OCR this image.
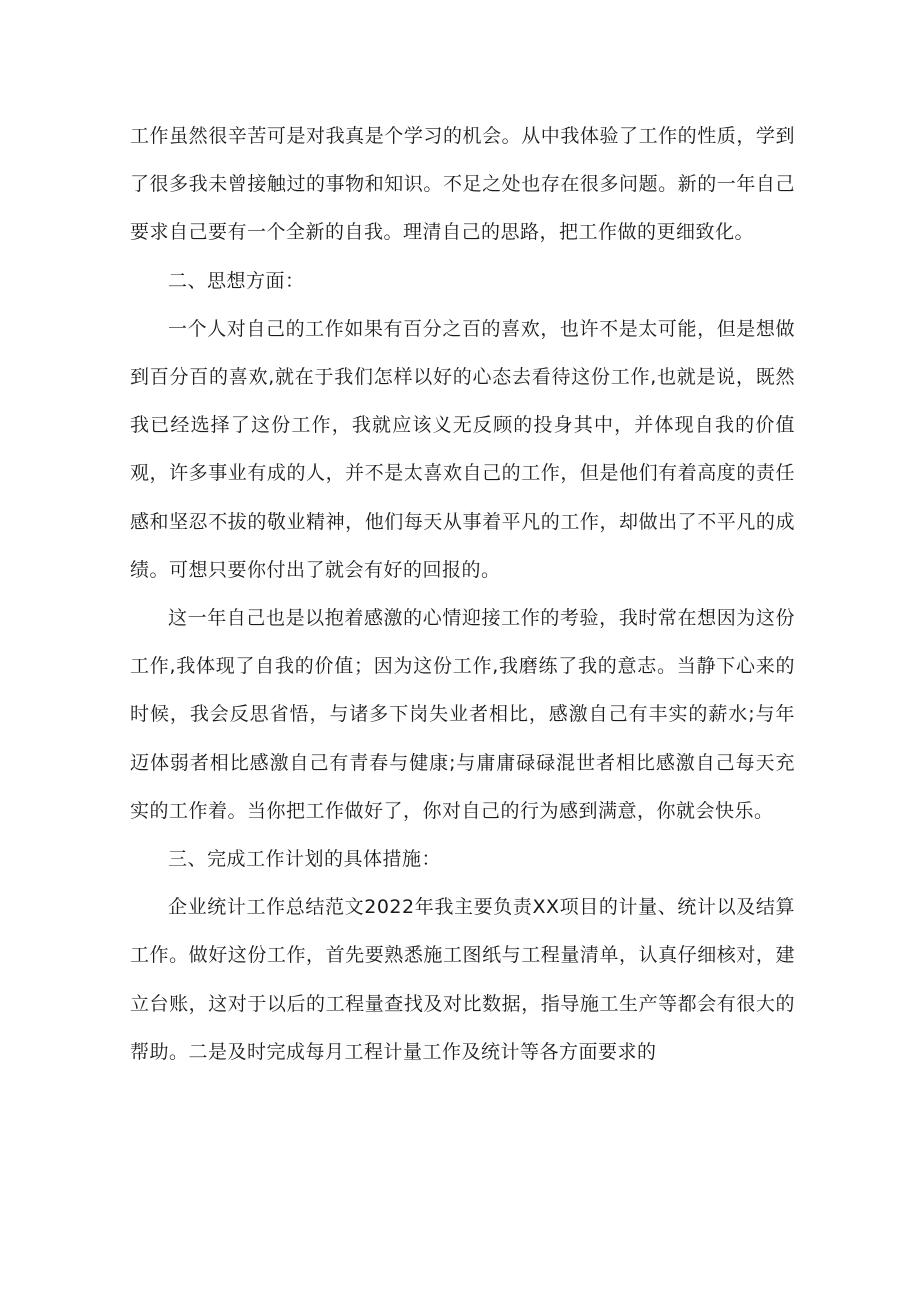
工作虽然很辛苦可是对我真是个学习的机会。从中我体验了工作的性质，学到了很多我未曾接触过的事物和知识。不足之处也存在很多问题。新的一年自己要求自己要有一个全新的自我。理清自己的思路，把工作做的更细致化。

二、思想方面：

一个人对自己的工作如果有百分之百的喜欢，也许不是太可能，但是想做到百分百的喜欢,就在于我们怎样以好的心态去看待这份工作,也就是说，既然我已经选择了这份工作，我就应该义无反顾的投身其中，并体现自我的价值观，许多事业有成的人，并不是太喜欢自己的工作，但是他们有着高度的责任感和坚忍不拔的敬业精神，他们每天从事着平凡的工作，却做出了不平凡的成绩。可想只要你付出了就会有好的回报的。

这一年自己也是以抱着感激的心情迎接工作的考验，我时常在想因为这份工作,我体现了自我的价值；因为这份工作,我磨练了我的意志。当静下心来的时候，我会反思省悟，与诸多下岗失业者相比，感激自己有丰实的薪水;与年迈体弱者相比感激自己有青春与健康;与庸庸碌碌混世者相比感激自己每天充实的工作着。当你把工作做好了，你对自己的行为感到满意，你就会快乐。

三、完成工作计划的具体措施：

企业统计工作总结范文2022年我主要负责XX项目的计量、统计以及结算工作。做好这份工作，首先要熟悉施工图纸与工程量清单，认真仔细核对，建立台账，这对于以后的工程量查找及对比数据，指导施工生产等都会有很大的帮助。二是及时完成每月工程计量工作及统计等各方面要求的
